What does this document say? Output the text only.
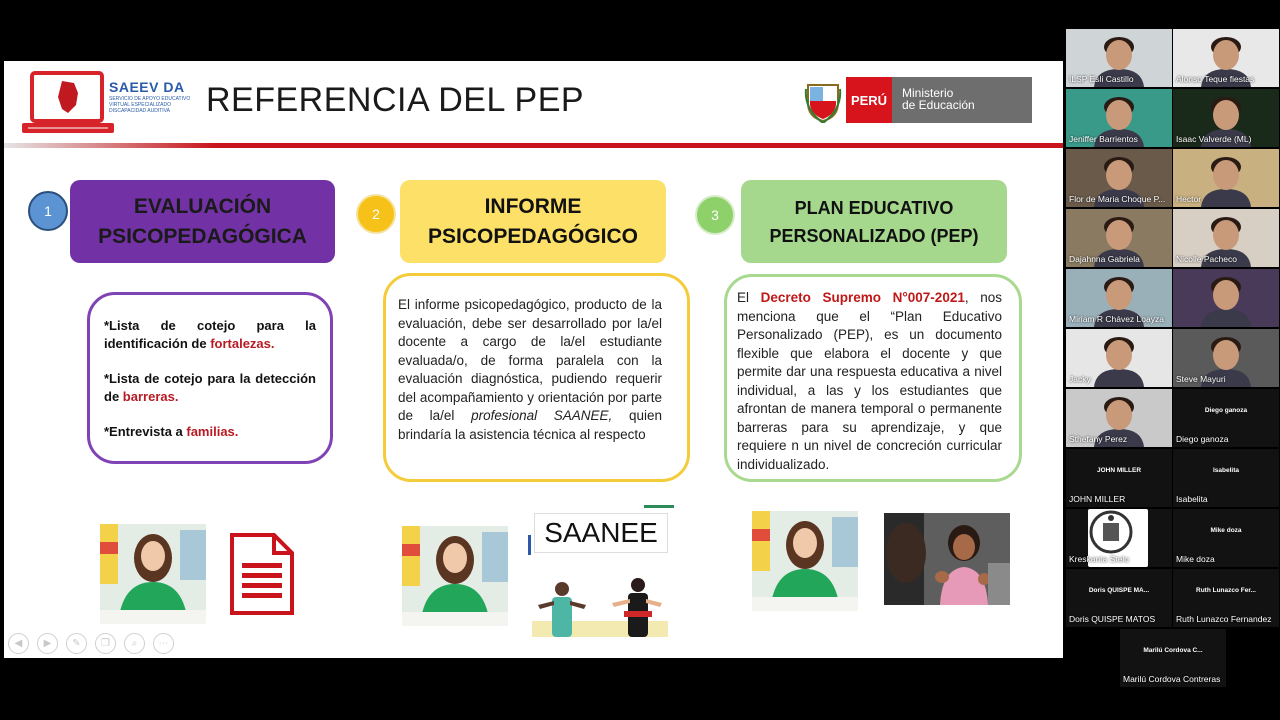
SAEEV DA
SERVICIO DE APOYO EDUCATIVO VIRTUAL ESPECIALIZADO DISCAPACIDAD AUDITIVA	REFERENCIA DEL PEP	PERÚ	Ministerio
de Educación
1	2	3
EVALUACIÓN PSICOPEDAGÓGICA
INFORME PSICOPEDAGÓGICO
PLAN EDUCATIVO PERSONALIZADO (PEP)
*Lista de cotejo para la identificación de fortalezas.
*Lista de cotejo para la detección de barreras.
*Entrevista a familias.

El informe psicopedagógico, producto de la evaluación, debe ser desarrollado por la/el docente a cargo de la/el estudiante evaluada/o, de forma paralela con la evaluación diagnóstica, pudiendo requerir del acompañamiento y orientación por parte de la/el profesional SAANEE, quien brindaría la asistencia técnica al respecto

El Decreto Supremo N°007-2021, nos menciona que el “Plan Educativo Personalizado (PEP), es un documento flexible que elabora el docente y que permite dar una respuesta educativa a nivel individual, a las y los estudiantes que afrontan de manera temporal o permanente barreras para su aprendizaje, y que requiere n un nivel de concreción curricular individualizado.

SAANEE
◀	▶	✎	❐	⌕	⋯
ILSP Esli Castillo	Alonso Teque fiestas
Jeniffer Barrientos	Isaac Valverde (ML)
Flor de Maria Choque P... Hector
Dajahnna Gabriela	Nicolle Pacheco
Miriam R Chávez Loayza
Jacky	Steve Mayuri
Sthefany Perez
Diego ganoza
Diego ganoza
JOHN MILLER
JOHN MILLER
Isabelita
Isabelita
Kreskanta Stelo
Mike doza
Mike doza
Doris QUISPE MA...
Doris QUISPE MATOS
Ruth Lunazco Fer...
Ruth Lunazco Fernandez
Marilú Cordova C...
Marilú Cordova Contreras
